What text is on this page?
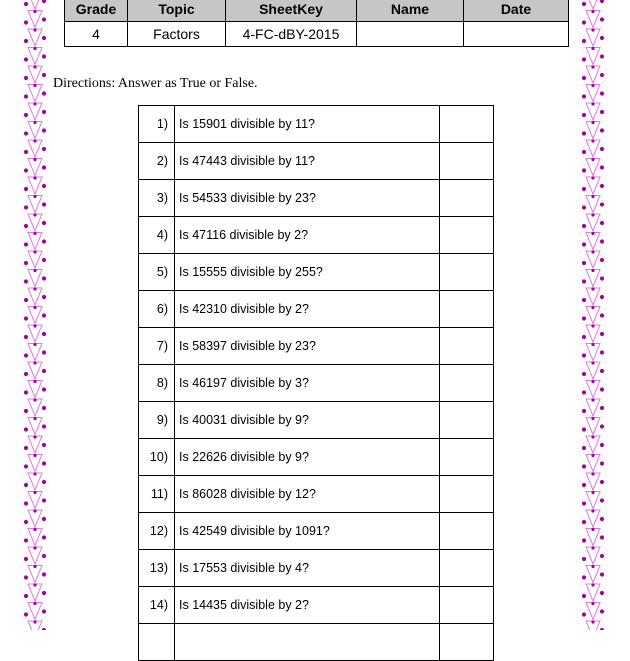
Grade	Topic	SheetKey	Name	Date
4	Factors	4-FC-dBY-2015		

Directions: Answer as True or False.

1)	Is 15901 divisible by 11?	
2)	Is 47443 divisible by 11?	
3)	Is 54533 divisible by 23?	
4)	Is 47116 divisible by 2?	
5)	Is 15555 divisible by 255?	
6)	Is 42310 divisible by 2?	
7)	Is 58397 divisible by 23?	
8)	Is 46197 divisible by 3?	
9)	Is 40031 divisible by 9?	
10)	Is 22626 divisible by 9?	
11)	Is 86028 divisible by 12?	
12)	Is 42549 divisible by 1091?	
13)	Is 17553 divisible by 4?	
14)	Is 14435 divisible by 2?	
